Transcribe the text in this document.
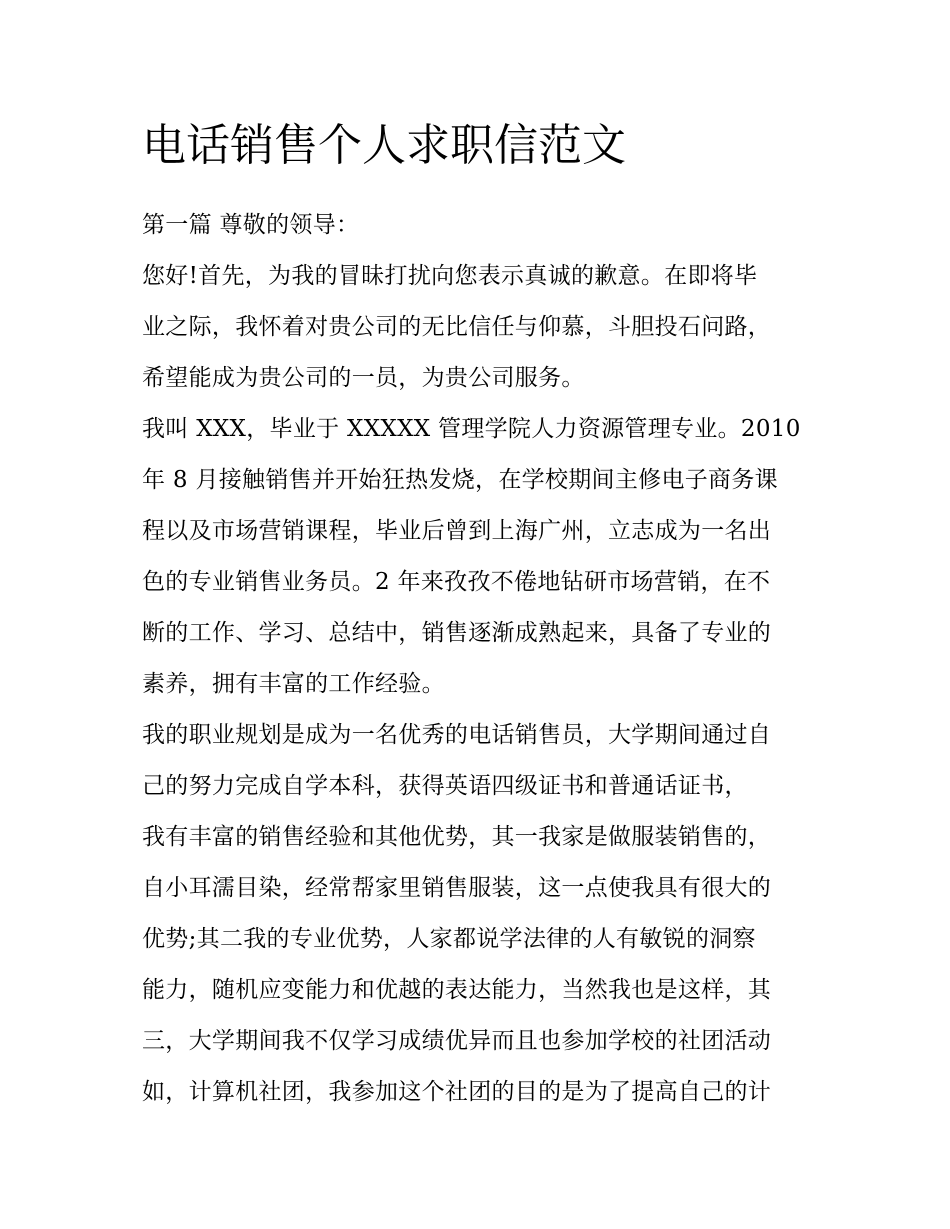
电话销售个人求职信范文
第一篇 尊敬的领导：
您好!首先，为我的冒昧打扰向您表示真诚的歉意。在即将毕
业之际，我怀着对贵公司的无比信任与仰慕，斗胆投石问路，
希望能成为贵公司的一员，为贵公司服务。
我叫 XXX，毕业于 XXXXX 管理学院人力资源管理专业。2010
年 8 月接触销售并开始狂热发烧，在学校期间主修电子商务课
程以及市场营销课程，毕业后曾到上海广州，立志成为一名出
色的专业销售业务员。2 年来孜孜不倦地钻研市场营销，在不
断的工作、学习、总结中，销售逐渐成熟起来，具备了专业的
素养，拥有丰富的工作经验。
我的职业规划是成为一名优秀的电话销售员，大学期间通过自
己的努力完成自学本科，获得英语四级证书和普通话证书，
我有丰富的销售经验和其他优势，其一我家是做服装销售的，
自小耳濡目染，经常帮家里销售服装，这一点使我具有很大的
优势;其二我的专业优势，人家都说学法律的人有敏锐的洞察
能力，随机应变能力和优越的表达能力，当然我也是这样，其
三，大学期间我不仅学习成绩优异而且也参加学校的社团活动
如，计算机社团，我参加这个社团的目的是为了提高自己的计
